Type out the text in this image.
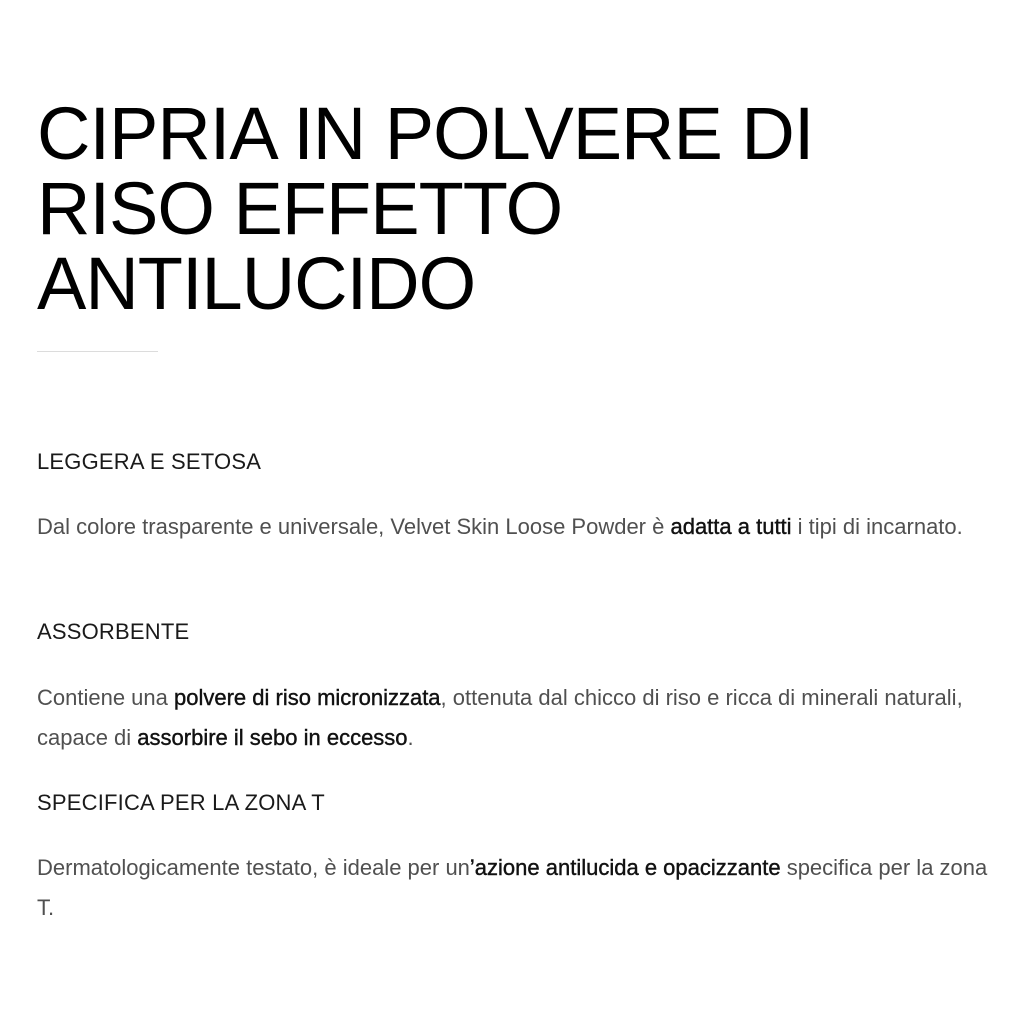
CIPRIA IN POLVERE DI
RISO EFFETTO
ANTILUCIDO
LEGGERA E SETOSA

Dal colore trasparente e universale, Velvet Skin Loose Powder è adatta a tutti i tipi di incarnato.

ASSORBENTE

Contiene una polvere di riso micronizzata, ottenuta dal chicco di riso e ricca di minerali naturali, capace di assorbire il sebo in eccesso.

SPECIFICA PER LA ZONA T

Dermatologicamente testato, è ideale per un’azione antilucida e opacizzante specifica per la zona T.
